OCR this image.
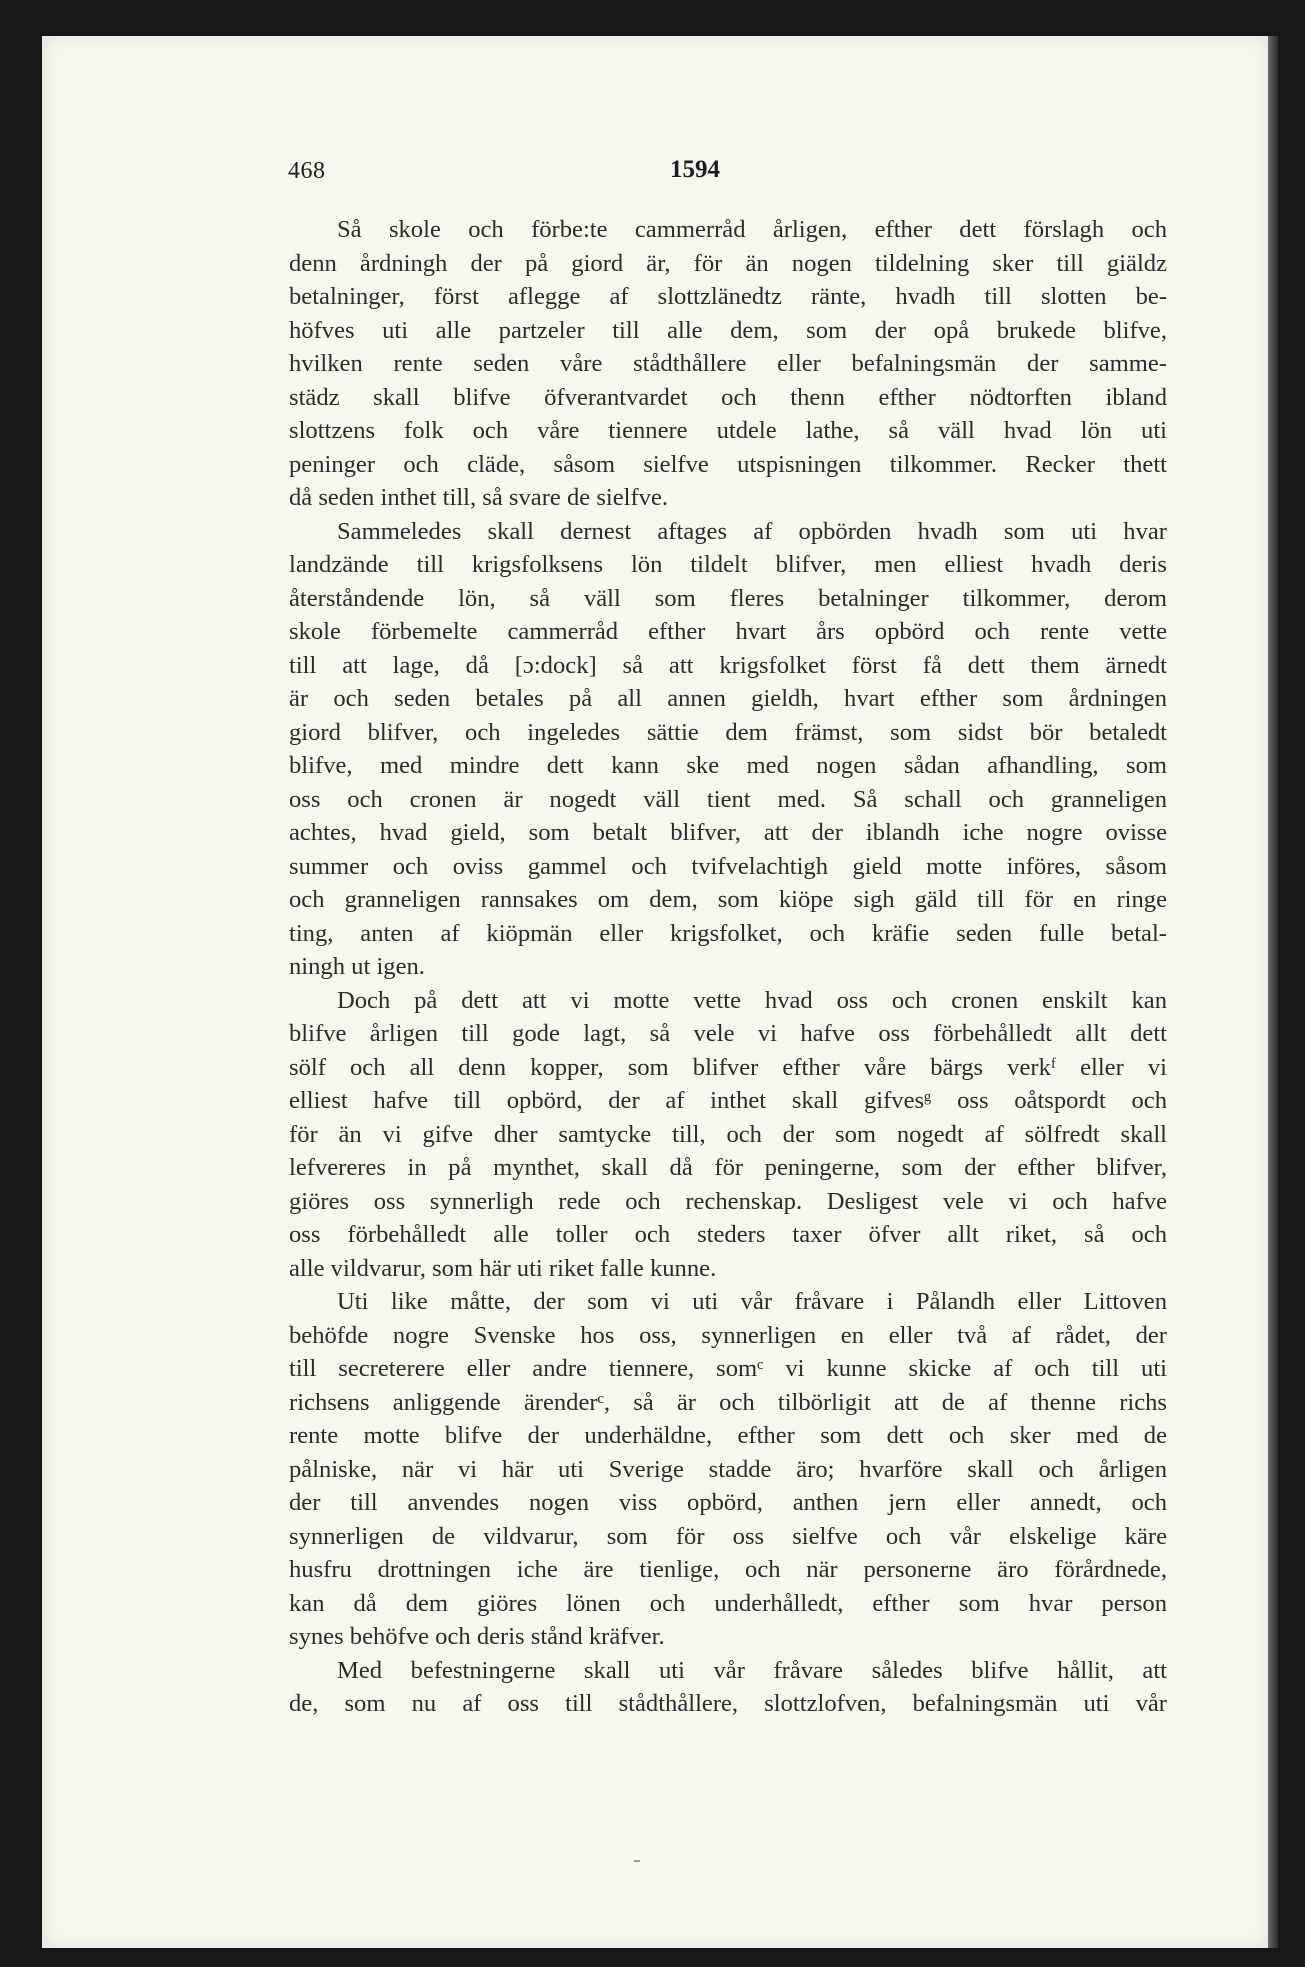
468	1594
Så skole och förbe:te cammerråd årligen, efther dett förslagh och
denn årdningh der på giord är, för än nogen tildelning sker till giäldz
betalninger, först aflegge af slottzlänedtz ränte, hvadh till slotten be-
höfves uti alle partzeler till alle dem, som der opå brukede blifve,
hvilken rente seden våre stådthållere eller befalningsmän der samme-
städz skall blifve öfverantvardet och thenn efther nödtorften ibland
slottzens folk och våre tiennere utdele lathe, så väll hvad lön uti
peninger och cläde, såsom sielfve utspisningen tilkommer. Recker thett
då seden inthet till, så svare de sielfve.
Sammeledes skall dernest aftages af opbörden hvadh som uti hvar
landzände till krigsfolksens lön tildelt blifver, men elliest hvadh deris
återståndende lön, så väll som fleres betalninger tilkommer, derom
skole förbemelte cammerråd efther hvart års opbörd och rente vette
till att lage, då [ɔ:dock] så att krigsfolket först få dett them ärnedt
är och seden betales på all annen gieldh, hvart efther som årdningen
giord blifver, och ingeledes sättie dem främst, som sidst bör betaledt
blifve, med mindre dett kann ske med nogen sådan afhandling, som
oss och cronen är nogedt väll tient med. Så schall och granneligen
achtes, hvad gield, som betalt blifver, att der iblandh iche nogre ovisse
summer och oviss gammel och tvifvelachtigh gield motte införes, såsom
och granneligen rannsakes om dem, som kiöpe sigh gäld till för en ringe
ting, anten af kiöpmän eller krigsfolket, och kräfie seden fulle betal-
ningh ut igen.
Doch på dett att vi motte vette hvad oss och cronen enskilt kan
blifve årligen till gode lagt, så vele vi hafve oss förbehålledt allt dett
sölf och all denn kopper, som blifver efther våre bärgs verkᶠ eller vi
elliest hafve till opbörd, der af inthet skall gifvesᵍ oss oåtspordt och
för än vi gifve dher samtycke till, och der som nogedt af sölfredt skall
lefvereres in på mynthet, skall då för peningerne, som der efther blifver,
giöres oss synnerligh rede och rechenskap. Desligest vele vi och hafve
oss förbehålledt alle toller och steders taxer öfver allt riket, så och
alle vildvarur, som här uti riket falle kunne.
Uti like måtte, der som vi uti vår fråvare i Pålandh eller Littoven
behöfde nogre Svenske hos oss, synnerligen en eller två af rådet, der
till secreterere eller andre tiennere, somᶜ vi kunne skicke af och till uti
richsens anliggende ärenderᶜ, så är och tilbörligit att de af thenne richs
rente motte blifve der underhäldne, efther som dett och sker med de
pålniske, när vi här uti Sverige stadde äro; hvarföre skall och årligen
der till anvendes nogen viss opbörd, anthen jern eller annedt, och
synnerligen de vildvarur, som för oss sielfve och vår elskelige käre
husfru drottningen iche äre tienlige, och när personerne äro förårdnede,
kan då dem giöres lönen och underhålledt, efther som hvar person
synes behöfve och deris stånd kräfver.
Med befestningerne skall uti vår fråvare således blifve hållit, att
de, som nu af oss till stådthållere, slottzlofven, befalningsmän uti vår
